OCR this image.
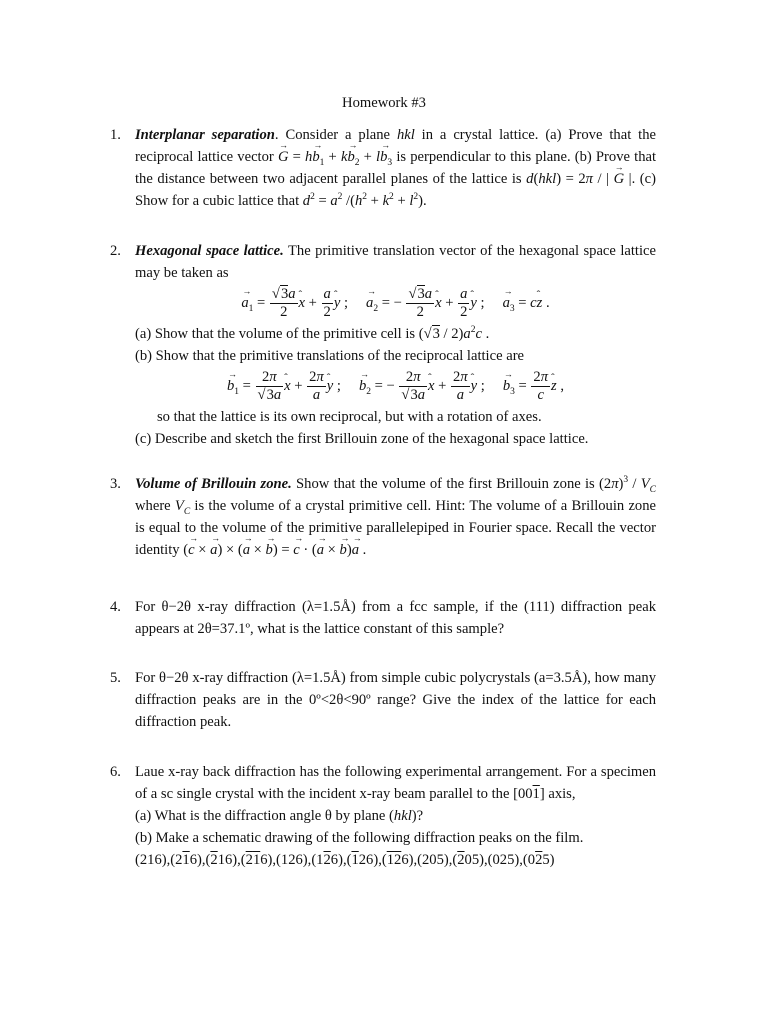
Homework #3
1. Interplanar separation. Consider a plane hkl in a crystal lattice. (a) Prove that the reciprocal lattice vector → $G = h\to b_1 + k\to b_2 + l\to b_3$ is perpendicular to this plane. (b) Prove that the distance between two adjacent parallel planes of the lattice is d(hkl) = 2π / | → G |. (c) Show for a cubic lattice that $d^2 = a^2$ $/(h^2 + k^2 + l^2)$.

2. Hexagonal space lattice. The primitive translation vector of the hexagonal space lattice may be taken as

→ $a_1 = \frac{√3a}{2}$ ˆ $x + \frac{a}{2}$ ˆ y ; → $a_2$ = − $\frac{√3a}{2}$ ˆ $x + \frac{a}{2}$ ˆ y ; → $a_3$ = cˆ z .

(a) Show that the volume of the primitive cell is $(√3 / 2)a^2c$ .

(b) Show that the primitive translations of the reciprocal lattice are

→ $b_1 = \frac{2\pi}{√3a}$ ˆ $x + \frac{2\pi}{a}$ ˆ y ; → $b_2$ = − $\frac{2\pi}{√3a}$ ˆ $x + \frac{2\pi}{a}$ ˆ y ; → $b_3 = \frac{2\pi}{c}$ ˆ z ,

so that the lattice is its own reciprocal, but with a rotation of axes.

(c) Describe and sketch the first Brillouin zone of the hexagonal space lattice.

3. Volume of Brillouin zone. Show that the volume of the first Brillouin zone is $(2\pi)^3 / V_C$ where $V_C$ is the volume of a crystal primitive cell. Hint: The volume of a Brillouin zone is equal to the volume of the primitive parallelepiped in Fourier space. Recall the vector identity (→ c × → a) × (→ a × → b) = → c · (→ a × → b)→ a .

4. For θ−2θ x-ray diffraction (λ=1.5Å) from a fcc sample, if the (111) diffraction peak appears at 2θ=37.1º, what is the lattice constant of this sample?

5. For θ−2θ x-ray diffraction (λ=1.5Å) from simple cubic polycrystals (a=3.5Å), how many diffraction peaks are in the 0º<2θ<90º range? Give the index of the lattice for each diffraction peak.

6. Laue x-ray back diffraction has the following experimental arrangement. For a specimen of a sc single crystal with the incident x-ray beam parallel to the [001] axis,

(a) What is the diffraction angle θ by plane (hkl)?

(b) Make a schematic drawing of the following diffraction peaks on the film.

(216),(216),(216),(216),(126),(126),(126),(126),(205),(205),(025),(025)
